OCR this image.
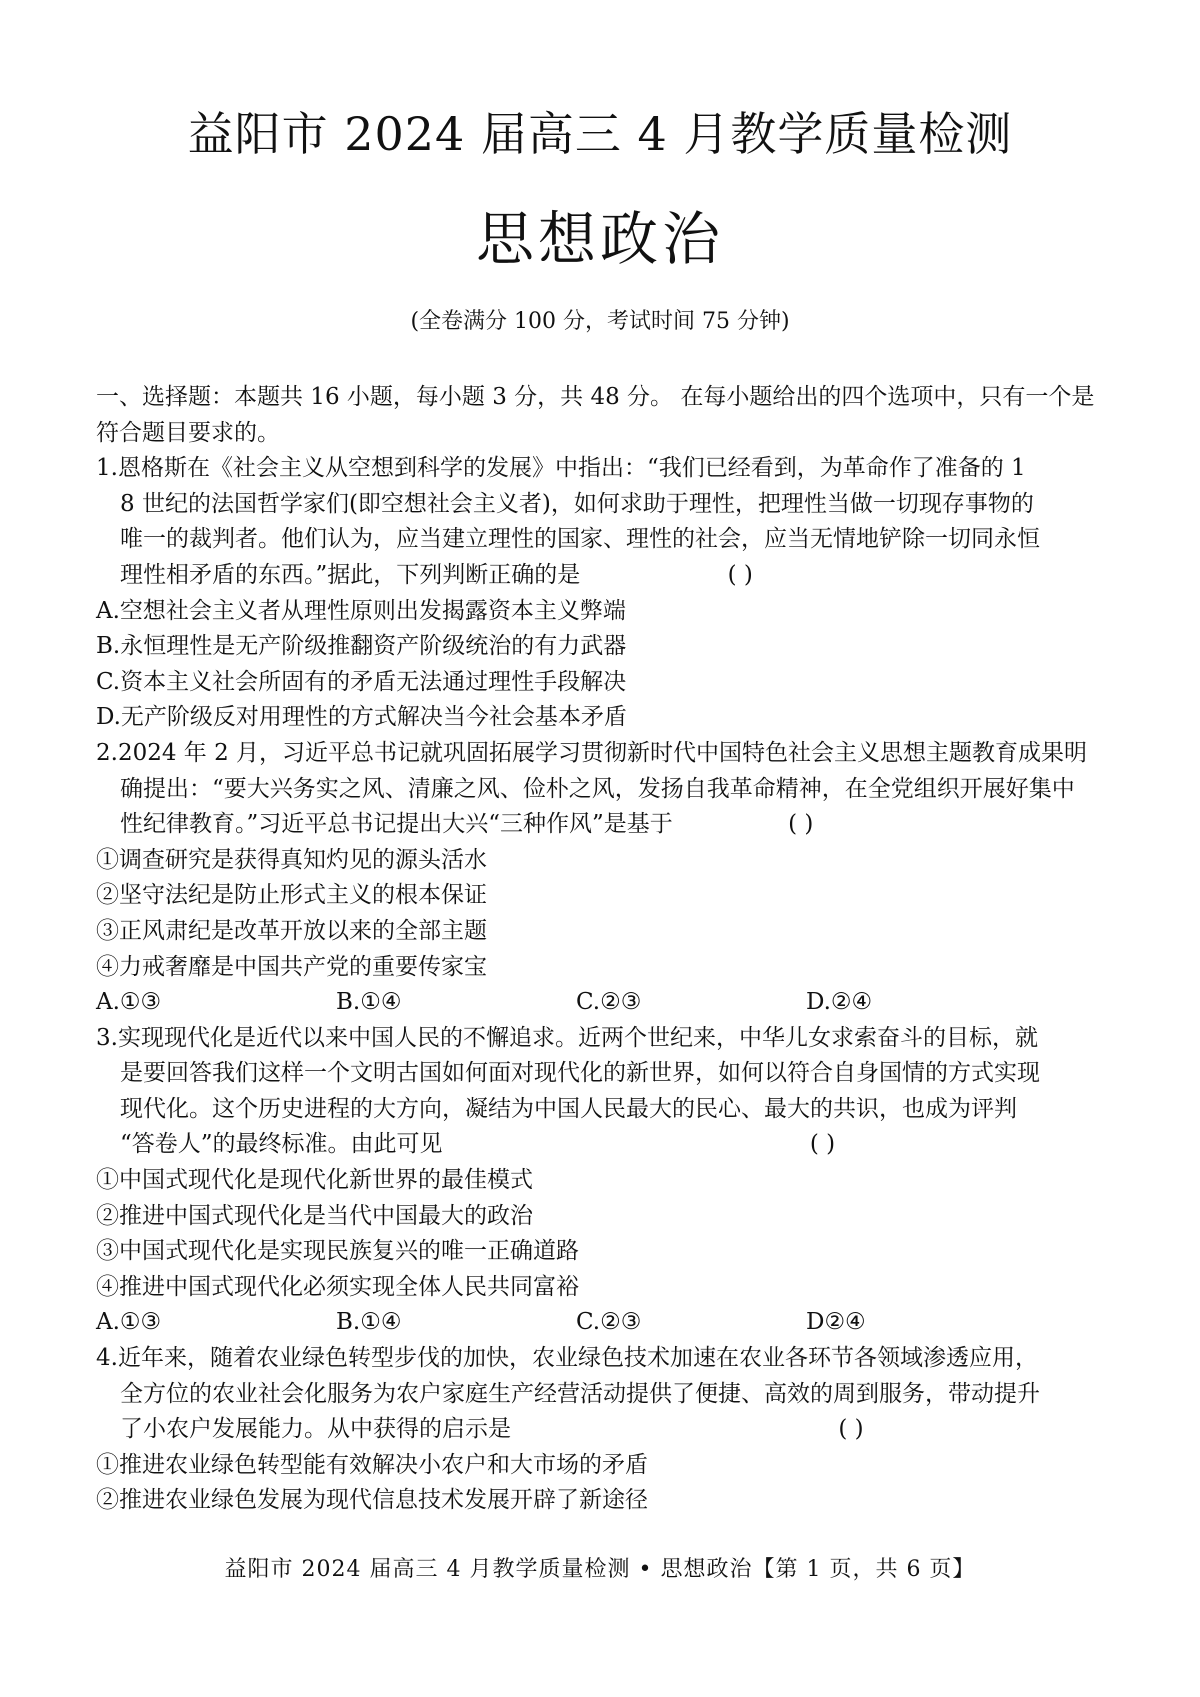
益阳市 2024 届高三 4 月教学质量检测
思想政治
(全卷满分 100 分，考试时间 75 分钟)
一、选择题：本题共 16 小题，每小题 3 分，共 48 分。 在每小题给出的四个选项中，只有一个是符合题目要求的。
1.恩格斯在《社会主义从空想到科学的发展》中指出：“我们已经看到，为革命作了准备的 1
8 世纪的法国哲学家们(即空想社会主义者)，如何求助于理性，把理性当做一切现存事物的
唯一的裁判者。他们认为，应当建立理性的国家、理性的社会，应当无情地铲除一切同永恒
理性相矛盾的东西。”据此，下列判断正确的是	( )
A.空想社会主义者从理性原则出发揭露资本主义弊端
B.永恒理性是无产阶级推翻资产阶级统治的有力武器
C.资本主义社会所固有的矛盾无法通过理性手段解决
D.无产阶级反对用理性的方式解决当今社会基本矛盾
2.2024 年 2 月，习近平总书记就巩固拓展学习贯彻新时代中国特色社会主义思想主题教育成果明
确提出：“要大兴务实之风、清廉之风、俭朴之风，发扬自我革命精神，在全党组织开展好集中
性纪律教育。”习近平总书记提出大兴“三种作风”是基于	( )
①调查研究是获得真知灼见的源头活水
②坚守法纪是防止形式主义的根本保证
③正风肃纪是改革开放以来的全部主题
④力戒奢靡是中国共产党的重要传家宝
A.①③	B.①④	C.②③	D.②④
3.实现现代化是近代以来中国人民的不懈追求。近两个世纪来，中华儿女求索奋斗的目标，就
是要回答我们这样一个文明古国如何面对现代化的新世界，如何以符合自身国情的方式实现
现代化。这个历史进程的大方向，凝结为中国人民最大的民心、最大的共识，也成为评判
“答卷人”的最终标准。由此可见	( )
①中国式现代化是现代化新世界的最佳模式
②推进中国式现代化是当代中国最大的政治
③中国式现代化是实现民族复兴的唯一正确道路
④推进中国式现代化必须实现全体人民共同富裕
A.①③	B.①④	C.②③	D②④
4.近年来，随着农业绿色转型步伐的加快，农业绿色技术加速在农业各环节各领域渗透应用，
全方位的农业社会化服务为农户家庭生产经营活动提供了便捷、高效的周到服务，带动提升
了小农户发展能力。从中获得的启示是	( )
①推进农业绿色转型能有效解决小农户和大市场的矛盾
②推进农业绿色发展为现代信息技术发展开辟了新途径
益阳市 2024 届高三 4 月教学质量检测 • 思想政治【第 1 页，共 6 页】
